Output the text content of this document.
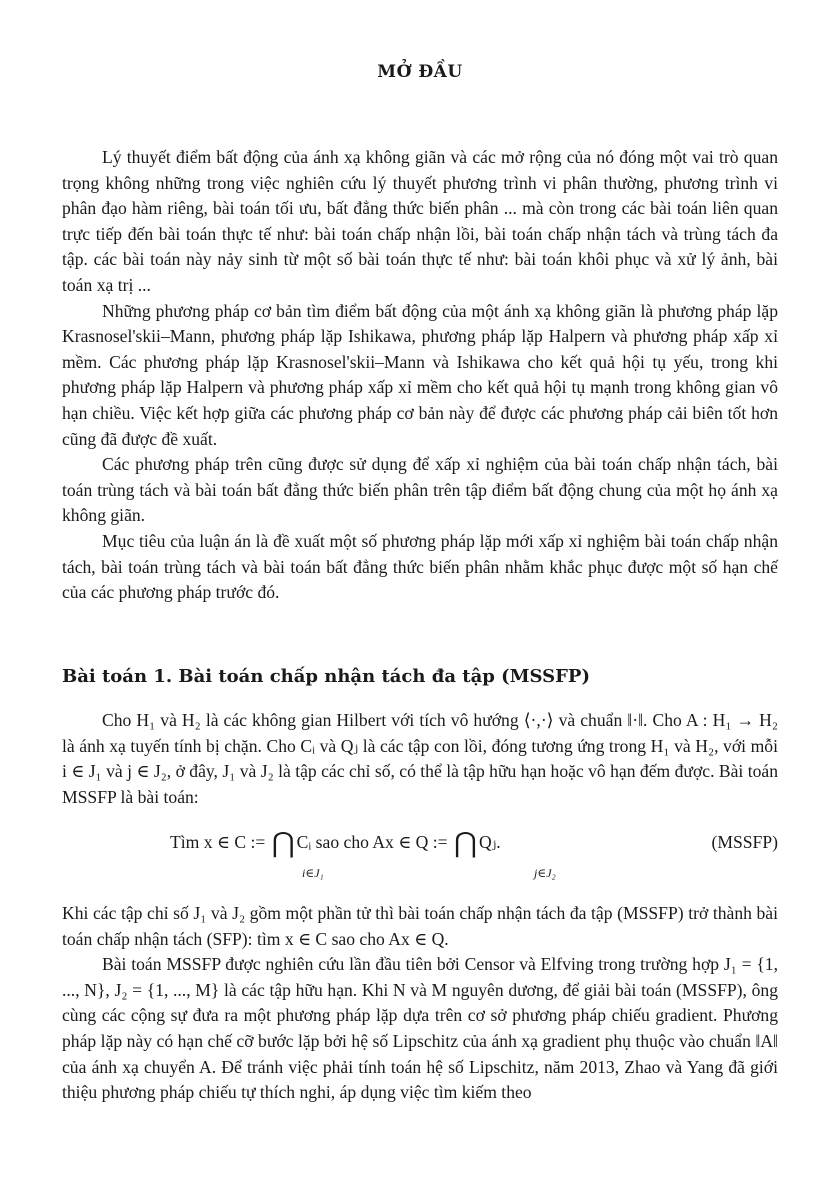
MỞ ĐẦU

Lý thuyết điểm bất động của ánh xạ không giãn và các mở rộng của nó đóng một vai trò quan trọng không những trong việc nghiên cứu lý thuyết phương trình vi phân thường, phương trình vi phân đạo hàm riêng, bài toán tối ưu, bất đẳng thức biến phân ... mà còn trong các bài toán liên quan trực tiếp đến bài toán thực tế như: bài toán chấp nhận lồi, bài toán chấp nhận tách và trùng tách đa tập. các bài toán này nảy sinh từ một số bài toán thực tế như: bài toán khôi phục và xử lý ảnh, bài toán xạ trị ...

Những phương pháp cơ bản tìm điểm bất động của một ánh xạ không giãn là phương pháp lặp Krasnosel'skii–Mann, phương pháp lặp Ishikawa, phương pháp lặp Halpern và phương pháp xấp xỉ mềm. Các phương pháp lặp Krasnosel'skii–Mann và Ishikawa cho kết quả hội tụ yếu, trong khi phương pháp lặp Halpern và phương pháp xấp xỉ mềm cho kết quả hội tụ mạnh trong không gian vô hạn chiều. Việc kết hợp giữa các phương pháp cơ bản này để được các phương pháp cải biên tốt hơn cũng đã được đề xuất.

Các phương pháp trên cũng được sử dụng để xấp xỉ nghiệm của bài toán chấp nhận tách, bài toán trùng tách và bài toán bất đẳng thức biến phân trên tập điểm bất động chung của một họ ánh xạ không giãn.

Mục tiêu của luận án là đề xuất một số phương pháp lặp mới xấp xỉ nghiệm bài toán chấp nhận tách, bài toán trùng tách và bài toán bất đẳng thức biến phân nhằm khắc phục được một số hạn chế của các phương pháp trước đó.

Bài toán 1. Bài toán chấp nhận tách đa tập (MSSFP)

Cho H₁ và H₂ là các không gian Hilbert với tích vô hướng ⟨·,·⟩ và chuẩn ‖·‖. Cho A : H₁ → H₂ là ánh xạ tuyến tính bị chặn. Cho Cᵢ và Qⱼ là các tập con lồi, đóng tương ứng trong H₁ và H₂, với mỗi i ∈ J₁ và j ∈ J₂, ở đây, J₁ và J₂ là tập các chỉ số, có thể là tập hữu hạn hoặc vô hạn đếm được. Bài toán MSSFP là bài toán:

Tìm x ∈ C := ⋂ Cᵢ sao cho Ax ∈ Q := ⋂ Qⱼ.
i∈J₁	j∈J₂
(MSSFP)

Khi các tập chỉ số J₁ và J₂ gồm một phần tử thì bài toán chấp nhận tách đa tập (MSSFP) trở thành bài toán chấp nhận tách (SFP): tìm x ∈ C sao cho Ax ∈ Q.

Bài toán MSSFP được nghiên cứu lần đầu tiên bởi Censor và Elfving trong trường hợp J₁ = {1, ..., N}, J₂ = {1, ..., M} là các tập hữu hạn. Khi N và M nguyên dương, để giải bài toán (MSSFP), ông cùng các cộng sự đưa ra một phương pháp lặp dựa trên cơ sở phương pháp chiếu gradient. Phương pháp lặp này có hạn chế cỡ bước lặp bởi hệ số Lipschitz của ánh xạ gradient phụ thuộc vào chuẩn ‖A‖ của ánh xạ chuyển A. Để tránh việc phải tính toán hệ số Lipschitz, năm 2013, Zhao và Yang đã giới thiệu phương pháp chiếu tự thích nghi, áp dụng việc tìm kiếm theo
